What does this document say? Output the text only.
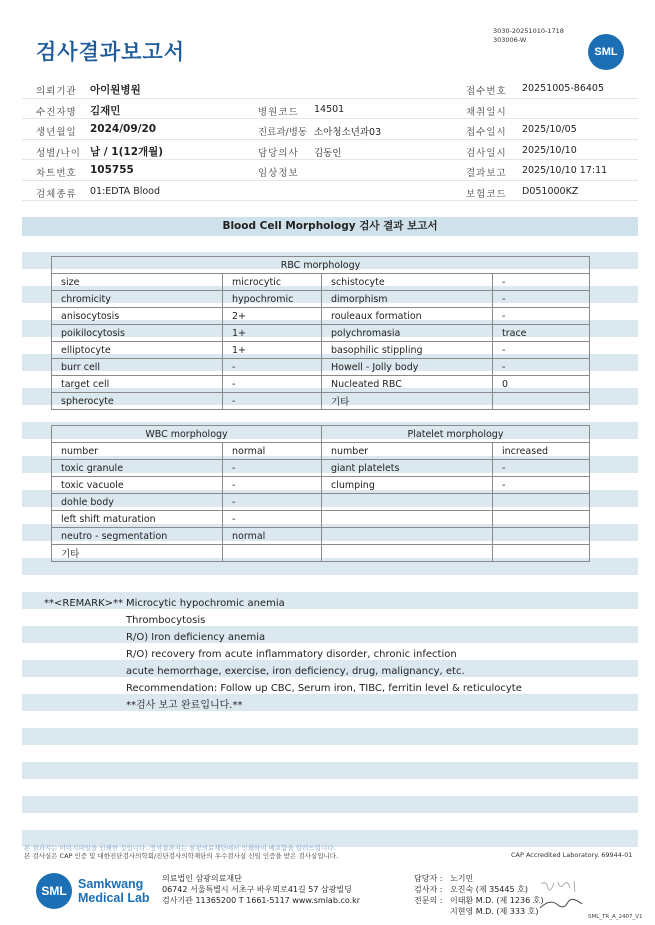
검사결과보고서
3030-20251010-1718
303006-W
SML
의뢰기관 아이원병원	접수번호 20251005-86405
수진자명 김재민	병원코드 14501	채취일시
생년월일 2024/09/20	진료과/병동 소아청소년과03	접수일시 2025/10/05
성별/나이 남 / 1(12개월)	담당의사 김동인	검사일시 2025/10/10
차트번호 105755	임상정보	결과보고 2025/10/10 17:11
검체종류 01:EDTA Blood	보험코드 D051000KZ
Blood Cell Morphology 검사 결과 보고서
RBC morphology			
size	microcytic	schistocyte	-
chromicity	hypochromic	dimorphism	-
anisocytosis	2+	rouleaux formation	-
poikilocytosis	1+	polychromasia	trace
elliptocyte	1+	basophilic stippling	-
burr cell	-	Howell - Jolly body	-
target cell	-	Nucleated RBC	0
spherocyte	-	기타	
WBC morphology		Platelet morphology	
number	normal	number	increased
toxic granule	-	giant platelets	-
toxic vacuole	-	clumping	-
dohle body	-		
left shift maturation	-		
neutro - segmentation	normal		
기타			
**<REMARK>** Microcytic hypochromic anemia
Thrombocytosis
R/O) Iron deficiency anemia
R/O) recovery from acute inflammatory disorder, chronic infection
acute hemorrhage, exercise, iron deficiency, drug, malignancy, etc.
Recommendation: Follow up CBC, Serum iron, TIBC, ferritin level & reticulocyte
**검사 보고 완료입니다.**
본 결과지는 이미지파일을 인쇄한 것입니다. 정식결과지는 삼광의료재단에서 인쇄하여 배포함을 알려드립니다.
본 검사실은 CAP 인증 및 대한진단검사의학회/진단검사의학재단의 우수검사실 신임 인증을 받은 검사실입니다.	CAP Accredited Laboratory. 69944-01
SML Samkwang
Medical Lab
의료법인 삼광의료재단
06742 서울특별시 서초구 바우뫼로41길 57 삼광빌딩
검사기관 11365200 T 1661-5117 www.smlab.co.kr
담당자 : 노기민
검사자 : 오진숙 (제 35445 호)
전문의 : 이태환 M.D. (제 1236 호)
지현영 M.D. (제 333 호)
SML_TR_A_2407_V1
